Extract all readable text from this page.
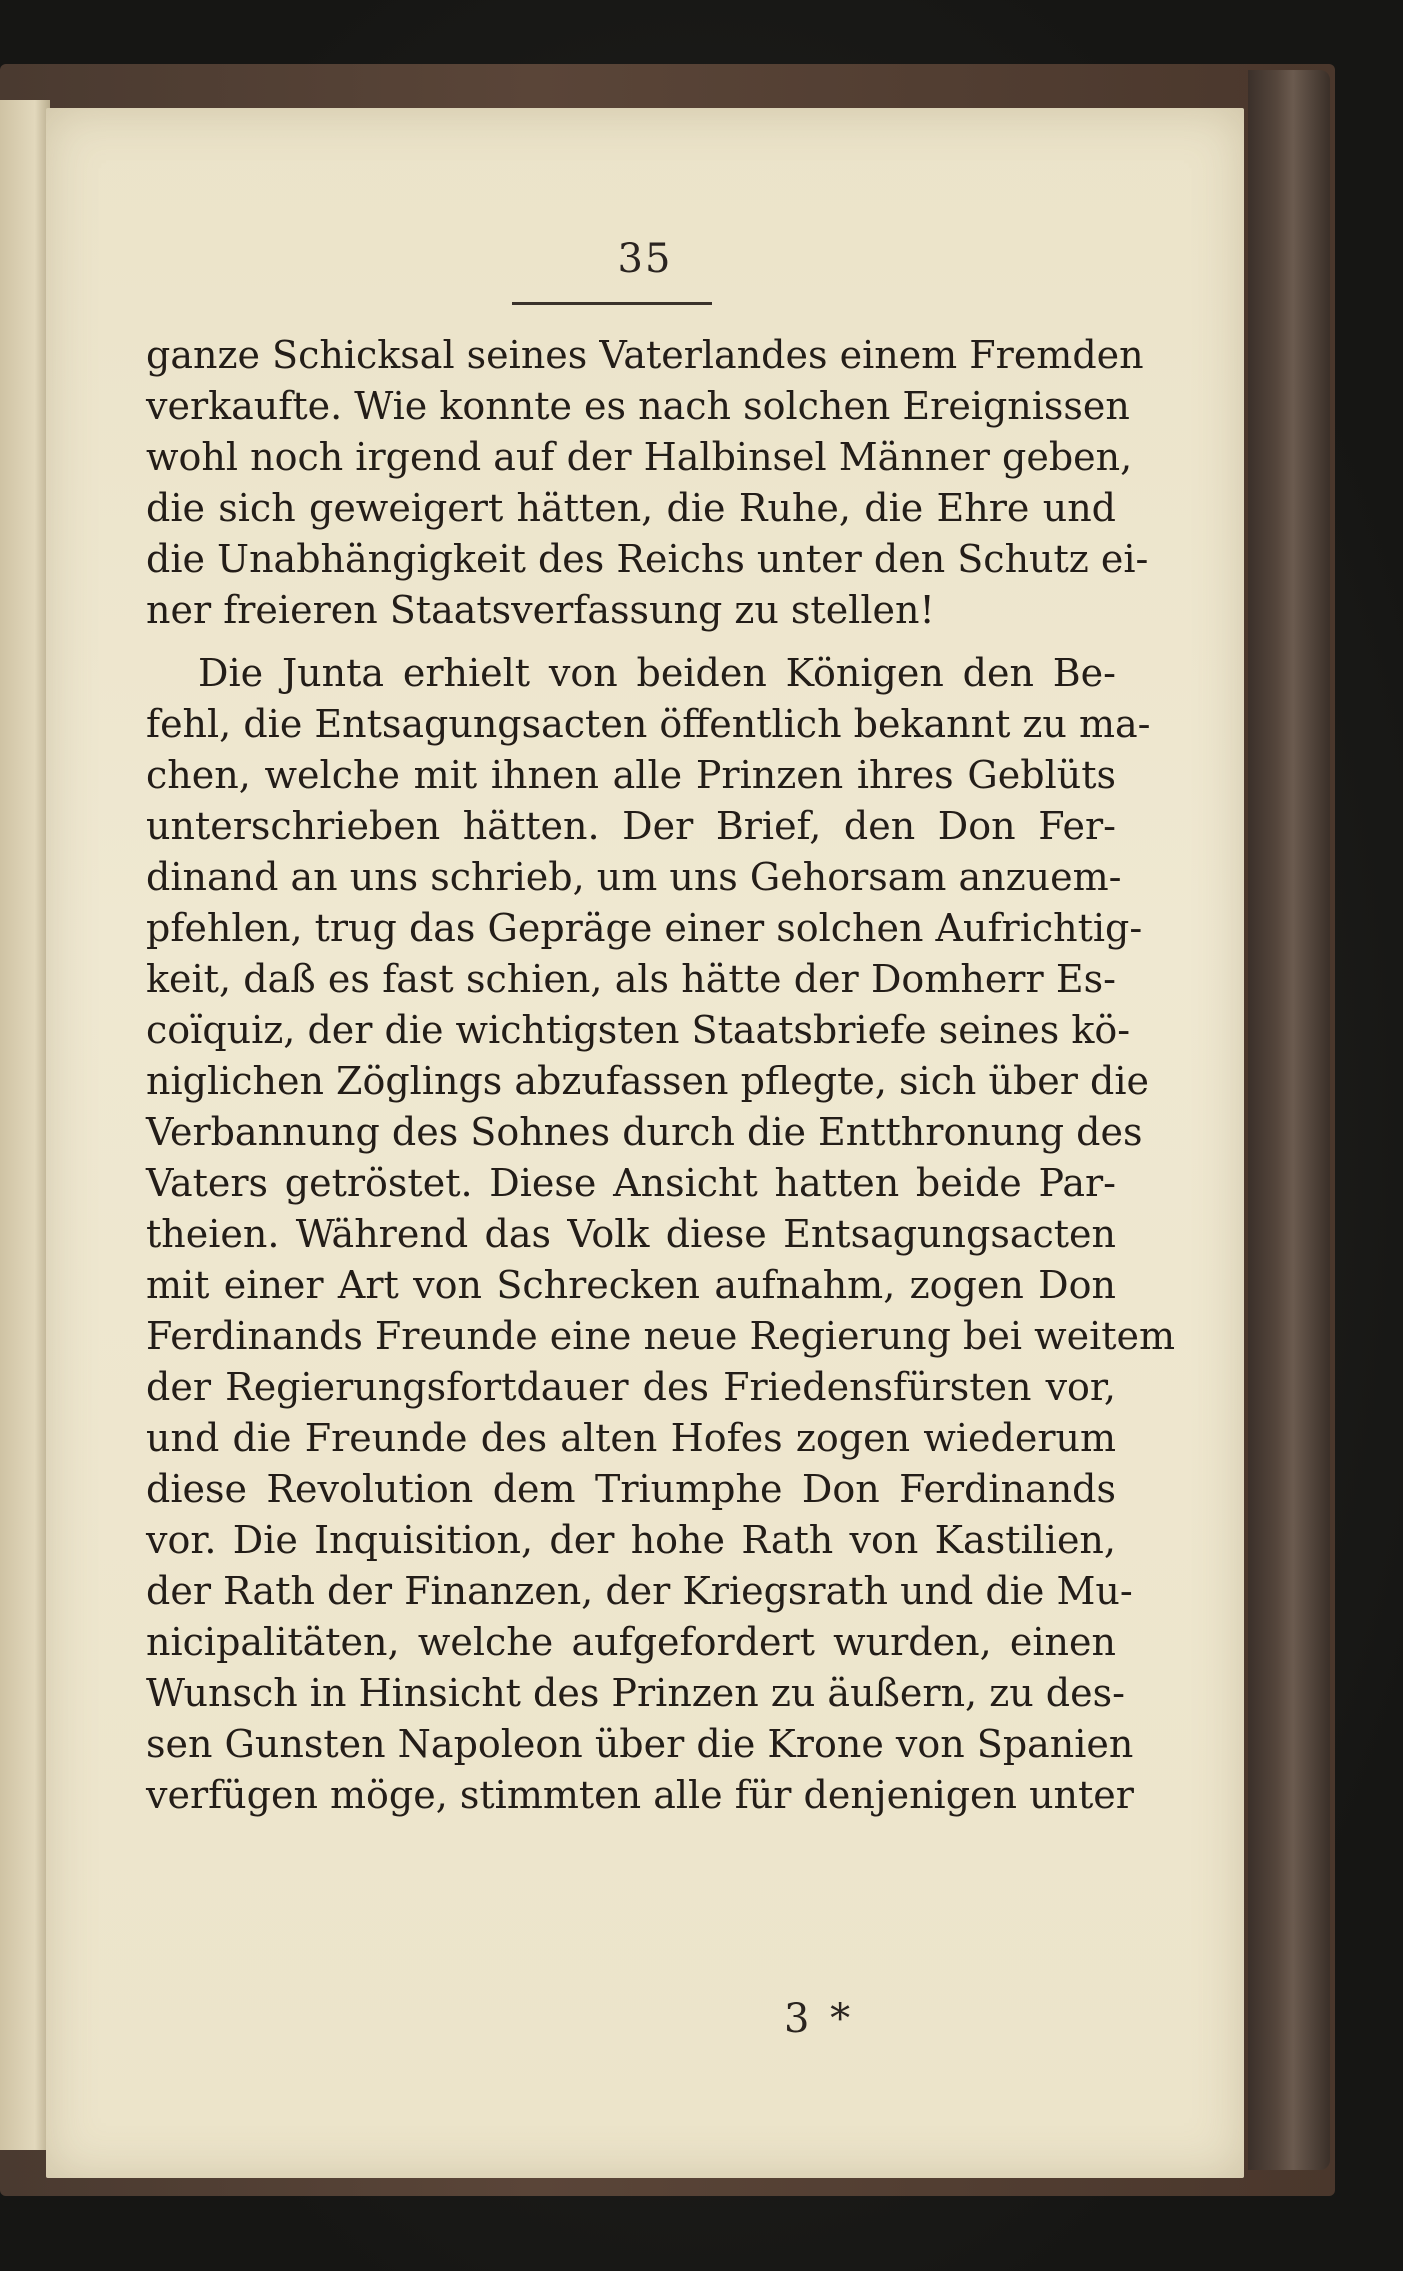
35
ganze Schicksal seines Vaterlandes einem Fremden
verkaufte. Wie konnte es nach solchen Ereignissen
wohl noch irgend auf der Halbinsel Männer geben,
die sich geweigert hätten, die Ruhe, die Ehre und
die Unabhängigkeit des Reichs unter den Schutz ei-
ner freieren Staatsverfassung zu stellen!
Die Junta erhielt von beiden Königen den Be-
fehl, die Entsagungsacten öffentlich bekannt zu ma-
chen, welche mit ihnen alle Prinzen ihres Geblüts
unterschrieben hätten. Der Brief, den Don Fer-
dinand an uns schrieb, um uns Gehorsam anzuem-
pfehlen, trug das Gepräge einer solchen Aufrichtig-
keit, daß es fast schien, als hätte der Domherr Es-
coïquiz, der die wichtigsten Staatsbriefe seines kö-
niglichen Zöglings abzufassen pflegte, sich über die
Verbannung des Sohnes durch die Entthronung des
Vaters getröstet. Diese Ansicht hatten beide Par-
theien. Während das Volk diese Entsagungsacten
mit einer Art von Schrecken aufnahm, zogen Don
Ferdinands Freunde eine neue Regierung bei weitem
der Regierungsfortdauer des Friedensfürsten vor,
und die Freunde des alten Hofes zogen wiederum
diese Revolution dem Triumphe Don Ferdinands
vor. Die Inquisition, der hohe Rath von Kastilien,
der Rath der Finanzen, der Kriegsrath und die Mu-
nicipalitäten, welche aufgefordert wurden, einen
Wunsch in Hinsicht des Prinzen zu äußern, zu des-
sen Gunsten Napoleon über die Krone von Spanien
verfügen möge, stimmten alle für denjenigen unter
3 *
